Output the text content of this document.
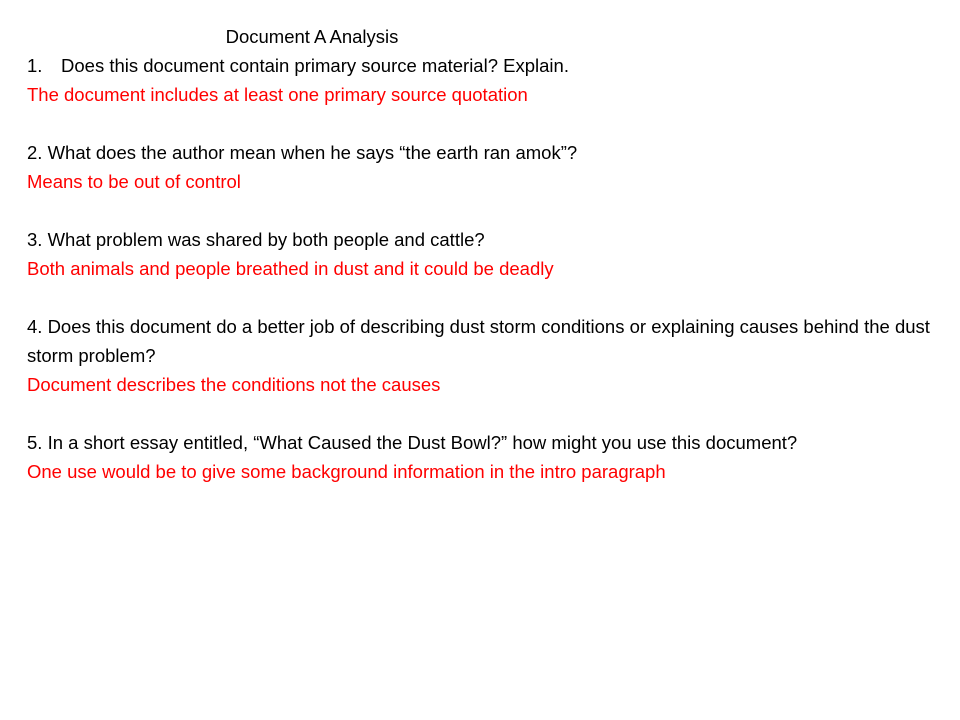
Document A Analysis

1.	Does this document contain primary source material? Explain.

The document includes at least one primary source quotation

2. What does the author mean when he says “the earth ran amok”?

Means to be out of control

3. What problem was shared by both people and cattle?

Both animals and people breathed in dust and it could be deadly

4. Does this document do a better job of describing dust storm conditions or explaining causes behind the dust storm problem?

Document describes the conditions not the causes

5. In a short essay entitled, “What Caused the Dust Bowl?” how might you use this document?

One use would be to give some background information in the intro paragraph
